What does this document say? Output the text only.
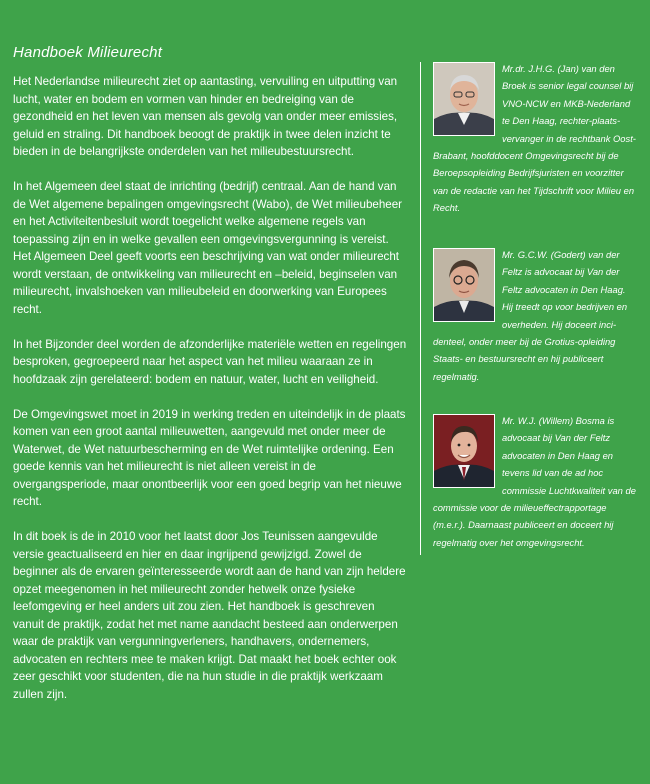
Handboek Milieurecht

Het Nederlandse milieurecht ziet op aantasting, vervuiling en uitputting van lucht, water en bodem en vormen van hinder en bedreiging van de gezondheid en het leven van mensen als gevolg van onder meer emissies, geluid en straling. Dit handboek beoogt de praktijk in twee delen inzicht te bieden in de belangrijkste onderdelen van het milieubestuursrecht.

In het Algemeen deel staat de inrichting (bedrijf) centraal. Aan de hand van de Wet algemene bepalingen omgevingsrecht (Wabo), de Wet milieubeheer en het Activiteitenbesluit wordt toegelicht welke algemene regels van toepassing zijn en in welke gevallen een omgevingsvergunning is vereist. Het Algemeen Deel geeft voorts een beschrijving van wat onder milieurecht wordt verstaan, de ontwikkeling van milieurecht en –beleid, beginselen van milieurecht, invalshoeken van milieubeleid en doorwerking van Europees recht.

In het Bijzonder deel worden de afzonderlijke materiële wetten en regelingen besproken, gegroepeerd naar het aspect van het milieu waaraan ze in hoofdzaak zijn gerelateerd: bodem en natuur, water, lucht en veiligheid.

De Omgevingswet moet in 2019 in werking treden en uiteindelijk in de plaats komen van een groot aantal milieuwetten, aangevuld met onder meer de Waterwet, de Wet natuurbescherming en de Wet ruimtelijke ordening. Een goede kennis van het milieurecht is niet alleen vereist in de overgangsperiode, maar onontbeerlijk voor een goed begrip van het nieuwe recht.

In dit boek is de in 2010 voor het laatst door Jos Teunissen aangevulde versie geactualiseerd en hier en daar ingrijpend gewijzigd. Zowel de beginner als de ervaren geïnteresseerde wordt aan de hand van zijn heldere opzet meegenomen in het milieurecht zonder hetwelk onze fysieke leefomgeving er heel anders uit zou zien. Het handboek is geschreven vanuit de praktijk, zodat het met name aandacht besteed aan onderwerpen waar de praktijk van vergunningverleners, handhavers, ondernemers, advocaten en rechters mee te maken krijgt. Dat maakt het boek echter ook zeer geschikt voor studenten, die na hun studie in die praktijk werkzaam zullen zijn.

Mr.dr. J.H.G. (Jan) van den Broek is senior legal counsel bij VNO-NCW en MKB-Nederland te Den Haag, rechter-plaatsvervanger in de rechtbank Oost-Brabant, hoofddocent Omgevingsrecht bij de Beroepsopleiding Bedrijfsjuristen en voorzitter van de redactie van het Tijdschrift voor Milieu en Recht.

Mr. G.C.W. (Godert) van der Feltz is advocaat bij Van der Feltz advocaten in Den Haag. Hij treedt op voor bedrijven en overheden. Hij doceert incidenteel, onder meer bij de Grotius-opleiding Staats- en bestuursrecht en hij publiceert regelmatig.

Mr. W.J. (Willem) Bosma is advocaat bij Van der Feltz advocaten in Den Haag en tevens lid van de ad hoc commissie Luchtkwaliteit van de commissie voor de milieueffectrapportage (m.e.r.). Daarnaast publiceert en doceert hij regelmatig over het omgevingsrecht.
